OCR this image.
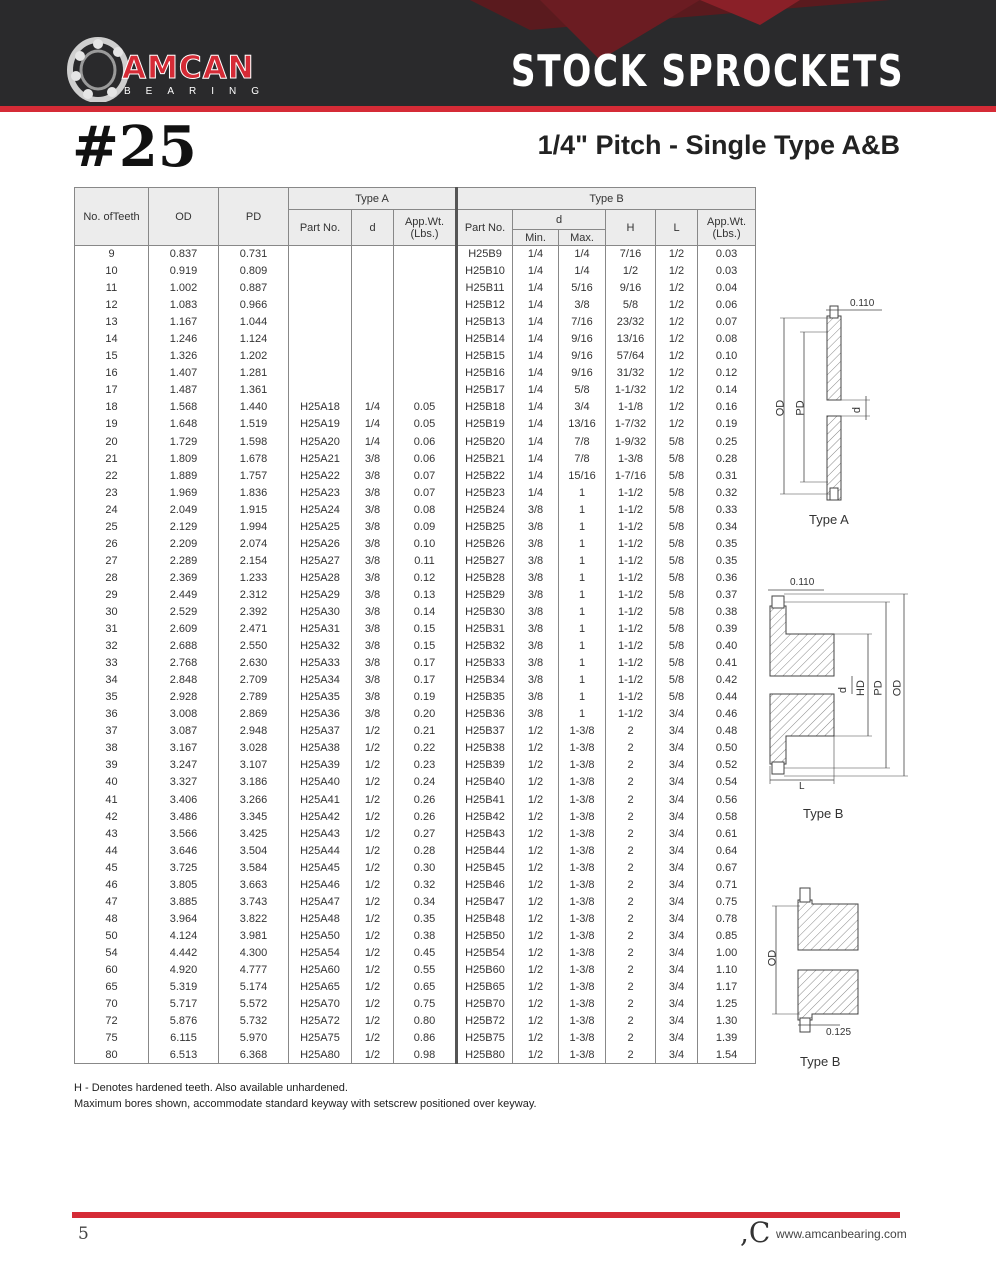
AMCAN
BEARING	STOCK SPROCKETS
#25	1/4" Pitch - Single Type A&B
No. ofTeeth	OD	PD	Type A			Type B					
			Part No.	d	App.Wt.
(Lbs.)	Part No.	d		H	L	App.Wt.
(Lbs.)
							Min.	Max.			
9	0.837	0.731				H25B9	1/4	1/4	7/16	1/2	0.03
10	0.919	0.809				H25B10	1/4	1/4	1/2	1/2	0.03
11	1.002	0.887				H25B11	1/4	5/16	9/16	1/2	0.04
12	1.083	0.966				H25B12	1/4	3/8	5/8	1/2	0.06
13	1.167	1.044				H25B13	1/4	7/16	23/32	1/2	0.07
14	1.246	1.124				H25B14	1/4	9/16	13/16	1/2	0.08
15	1.326	1.202				H25B15	1/4	9/16	57/64	1/2	0.10
16	1.407	1.281				H25B16	1/4	9/16	31/32	1/2	0.12
17	1.487	1.361				H25B17	1/4	5/8	1-1/32	1/2	0.14
18	1.568	1.440	H25A18	1/4	0.05	H25B18	1/4	3/4	1-1/8	1/2	0.16
19	1.648	1.519	H25A19	1/4	0.05	H25B19	1/4	13/16	1-7/32	1/2	0.19
20	1.729	1.598	H25A20	1/4	0.06	H25B20	1/4	7/8	1-9/32	5/8	0.25
21	1.809	1.678	H25A21	3/8	0.06	H25B21	1/4	7/8	1-3/8	5/8	0.28
22	1.889	1.757	H25A22	3/8	0.07	H25B22	1/4	15/16	1-7/16	5/8	0.31
23	1.969	1.836	H25A23	3/8	0.07	H25B23	1/4	1	1-1/2	5/8	0.32
24	2.049	1.915	H25A24	3/8	0.08	H25B24	3/8	1	1-1/2	5/8	0.33
25	2.129	1.994	H25A25	3/8	0.09	H25B25	3/8	1	1-1/2	5/8	0.34
26	2.209	2.074	H25A26	3/8	0.10	H25B26	3/8	1	1-1/2	5/8	0.35
27	2.289	2.154	H25A27	3/8	0.11	H25B27	3/8	1	1-1/2	5/8	0.35
28	2.369	1.233	H25A28	3/8	0.12	H25B28	3/8	1	1-1/2	5/8	0.36
29	2.449	2.312	H25A29	3/8	0.13	H25B29	3/8	1	1-1/2	5/8	0.37
30	2.529	2.392	H25A30	3/8	0.14	H25B30	3/8	1	1-1/2	5/8	0.38
31	2.609	2.471	H25A31	3/8	0.15	H25B31	3/8	1	1-1/2	5/8	0.39
32	2.688	2.550	H25A32	3/8	0.15	H25B32	3/8	1	1-1/2	5/8	0.40
33	2.768	2.630	H25A33	3/8	0.17	H25B33	3/8	1	1-1/2	5/8	0.41
34	2.848	2.709	H25A34	3/8	0.17	H25B34	3/8	1	1-1/2	5/8	0.42
35	2.928	2.789	H25A35	3/8	0.19	H25B35	3/8	1	1-1/2	5/8	0.44
36	3.008	2.869	H25A36	3/8	0.20	H25B36	3/8	1	1-1/2	3/4	0.46
37	3.087	2.948	H25A37	1/2	0.21	H25B37	1/2	1-3/8	2	3/4	0.48
38	3.167	3.028	H25A38	1/2	0.22	H25B38	1/2	1-3/8	2	3/4	0.50
39	3.247	3.107	H25A39	1/2	0.23	H25B39	1/2	1-3/8	2	3/4	0.52
40	3.327	3.186	H25A40	1/2	0.24	H25B40	1/2	1-3/8	2	3/4	0.54
41	3.406	3.266	H25A41	1/2	0.26	H25B41	1/2	1-3/8	2	3/4	0.56
42	3.486	3.345	H25A42	1/2	0.26	H25B42	1/2	1-3/8	2	3/4	0.58
43	3.566	3.425	H25A43	1/2	0.27	H25B43	1/2	1-3/8	2	3/4	0.61
44	3.646	3.504	H25A44	1/2	0.28	H25B44	1/2	1-3/8	2	3/4	0.64
45	3.725	3.584	H25A45	1/2	0.30	H25B45	1/2	1-3/8	2	3/4	0.67
46	3.805	3.663	H25A46	1/2	0.32	H25B46	1/2	1-3/8	2	3/4	0.71
47	3.885	3.743	H25A47	1/2	0.34	H25B47	1/2	1-3/8	2	3/4	0.75
48	3.964	3.822	H25A48	1/2	0.35	H25B48	1/2	1-3/8	2	3/4	0.78
50	4.124	3.981	H25A50	1/2	0.38	H25B50	1/2	1-3/8	2	3/4	0.85
54	4.442	4.300	H25A54	1/2	0.45	H25B54	1/2	1-3/8	2	3/4	1.00
60	4.920	4.777	H25A60	1/2	0.55	H25B60	1/2	1-3/8	2	3/4	1.10
65	5.319	5.174	H25A65	1/2	0.65	H25B65	1/2	1-3/8	2	3/4	1.17
70	5.717	5.572	H25A70	1/2	0.75	H25B70	1/2	1-3/8	2	3/4	1.25
72	5.876	5.732	H25A72	1/2	0.80	H25B72	1/2	1-3/8	2	3/4	1.30
75	6.115	5.970	H25A75	1/2	0.86	H25B75	1/2	1-3/8	2	3/4	1.39
80	6.513	6.368	H25A80	1/2	0.98	H25B80	1/2	1-3/8	2	3/4	1.54
H - Denotes hardened teeth. Also available unhardened.
Maximum bores shown, accommodate standard keyway with setscrew positioned over keyway.
0.110
OD PD	d
Type A
0.110
d HD PD OD
L
Type B
OD
0.125
Type B
5	,C www.amcanbearing.com
